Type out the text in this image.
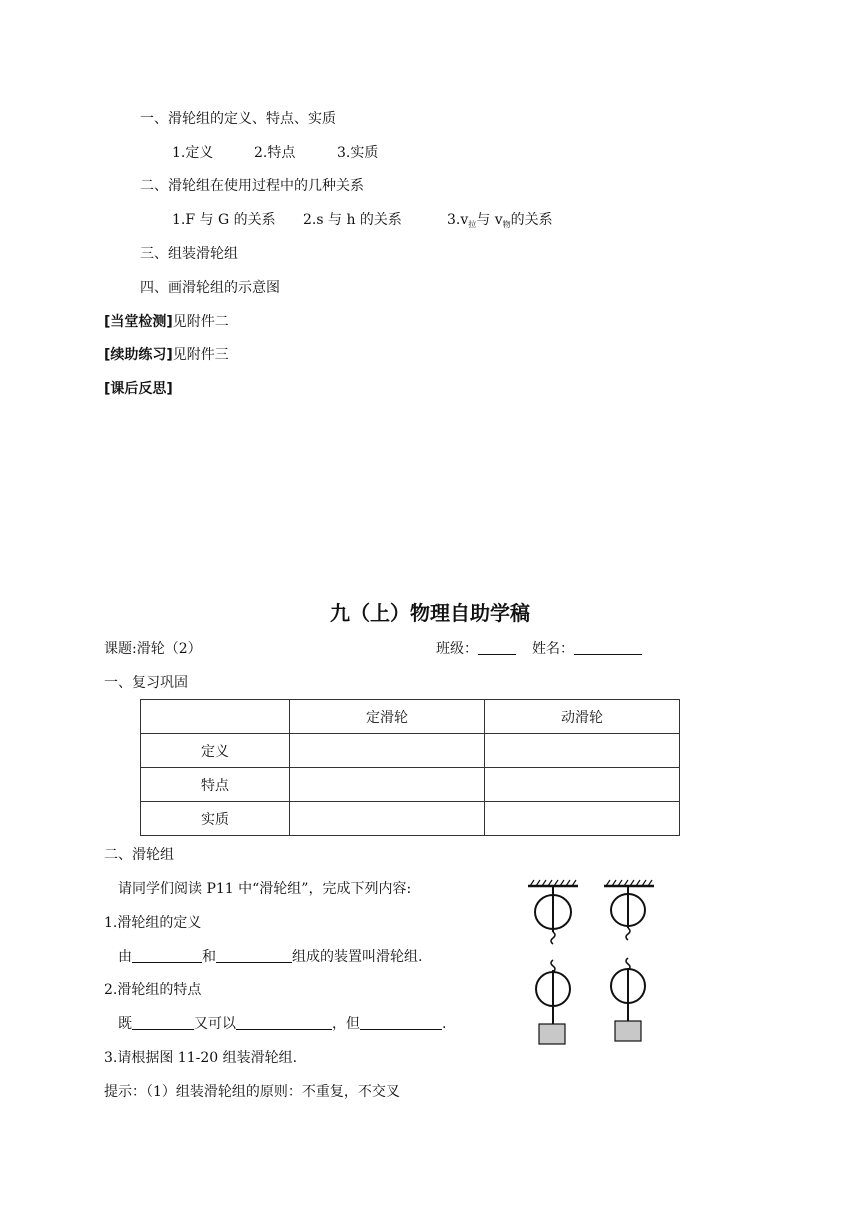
一、滑轮组的定义、特点、实质
1.定义	2.特点	3.实质
二、滑轮组在使用过程中的几种关系
1.F 与 G 的关系 2.s 与 h 的关系	$3.v_拉$与 $v_物$的关系
三、组装滑轮组
四、画滑轮组的示意图
[当堂检测]见附件二
[续助练习]见附件三
[课后反思]
九（上）物理自助学稿
课题:滑轮（2）	班级：	姓名：
一、复习巩固
	定滑轮	动滑轮
定义		
特点		
实质		
二、滑轮组
请同学们阅读 P11 中“滑轮组”，完成下列内容:
1.滑轮组的定义
由	和	组成的装置叫滑轮组.
2.滑轮组的特点
既	又可以	，但	.
3.请根据图 11-20 组装滑轮组.
提示：（1）组装滑轮组的原则：不重复，不交叉
